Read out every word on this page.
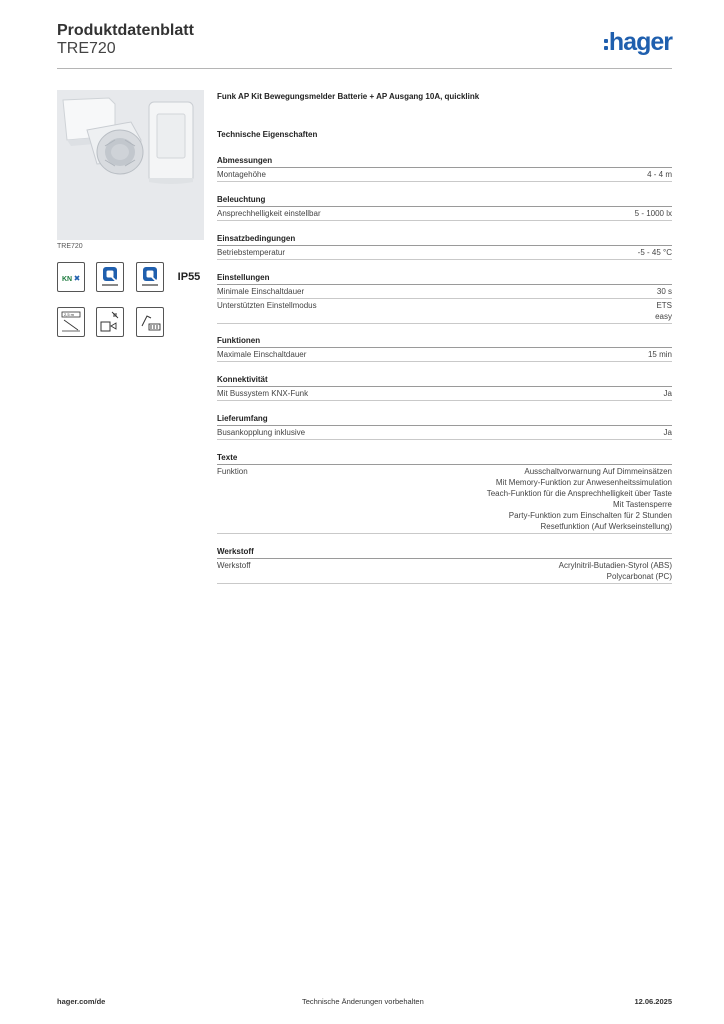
Produktdatenblatt
TRE720	hager
TRE720
KN	IP55
2,5 m
Funk AP Kit Bewegungsmelder Batterie + AP Ausgang 10A, quicklink
Technische Eigenschaften
Abmessungen
Montagehöhe	4 - 4 m
Beleuchtung
Ansprechhelligkeit einstellbar	5 - 1000 lx
Einsatzbedingungen
Betriebstemperatur	-5 - 45 °C
Einstellungen
Minimale Einschaltdauer	30 s
Unterstützten Einstellmodus	ETS
easy
Funktionen
Maximale Einschaltdauer	15 min
Konnektivität
Mit Bussystem KNX-Funk	Ja
Lieferumfang
Busankopplung inklusive	Ja
Texte
Funktion	Ausschaltvorwarnung Auf Dimmeinsätzen
Mit Memory-Funktion zur Anwesenheitssimulation
Teach-Funktion für die Ansprechhelligkeit über Taste
Mit Tastensperre
Party-Funktion zum Einschalten für 2 Stunden
Resetfunktion (Auf Werkseinstellung)
Werkstoff
Werkstoff	Acrylnitril-Butadien-Styrol (ABS)
Polycarbonat (PC)
hager.com/de	Technische Änderungen vorbehalten	12.06.2025
